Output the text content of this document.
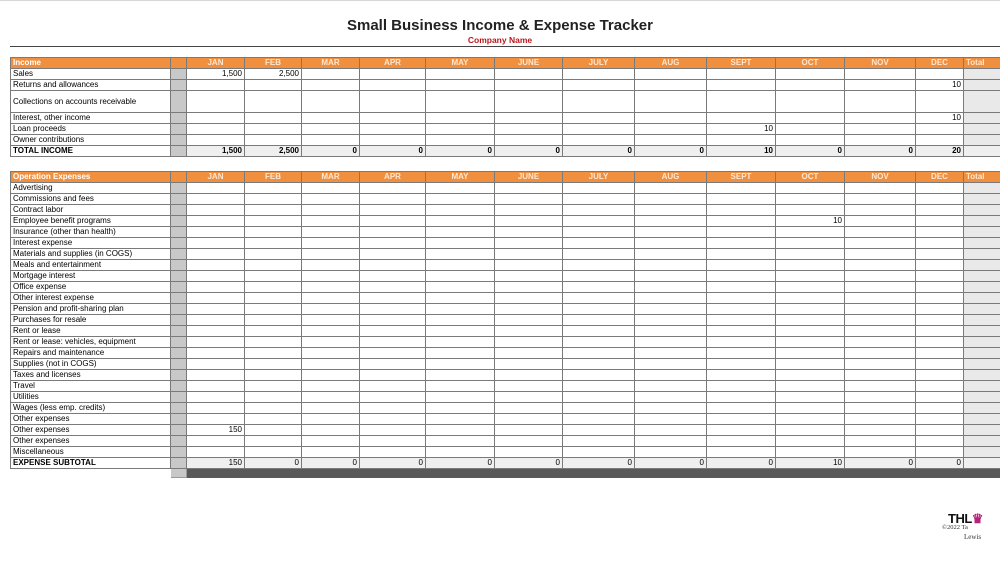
Small Business Income & Expense Tracker
Company Name
Income		JAN	FEB	MAR	APR	MAY	JUNE	JULY	AUG	SEPT	OCT	NOV	DEC	Total
Sales		1,500	2,500											
Returns and allowances													10	
Collections on accounts receivable														
Interest, other income													10	
Loan proceeds										10				
Owner contributions														
TOTAL INCOME		1,500	2,500	0	0	0	0	0	0	10	0	0	20	
Operation Expenses		JAN	FEB	MAR	APR	MAY	JUNE	JULY	AUG	SEPT	OCT	NOV	DEC	Total
Advertising														
Commissions and fees														
Contract labor														
Employee benefit programs											10			
Insurance (other than health)														
Interest expense														
Materials and supplies (in COGS)														
Meals and entertainment														
Mortgage interest														
Office expense														
Other interest expense														
Pension and profit-sharing plan														
Purchases for resale														
Rent or lease														
Rent or lease: vehicles, equipment														
Repairs and maintenance														
Supplies (not in COGS)														
Taxes and licenses														
Travel														
Utilities														
Wages (less emp. credits)														
Other expenses														
Other expenses		150												
Other expenses														
Miscellaneous														
EXPENSE SUBTOTAL		150	0	0	0	0	0	0	0	0	10	0	0	

THL♛
©2022 Ta
Lewis
